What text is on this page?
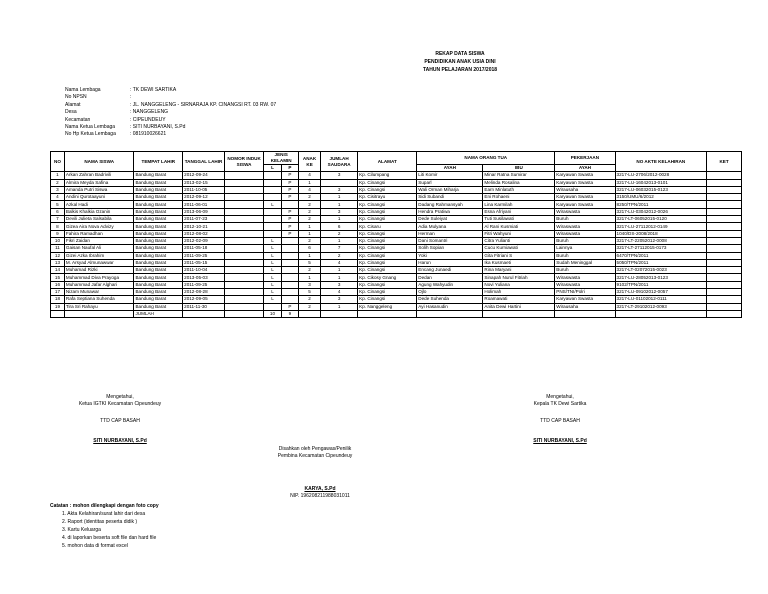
REKAP DATA SISWA
PENDIDIKAN ANAK USIA DINI
TAHUN PELAJARAN 2017/2018
Nama Lembaga	: TK DEWI SARTIKA
No NPSN	:
Alamat	: JL. NANGGELENG - SIRNARAJA KP. CINANGSI RT. 03 RW. 07
Desa	: NANGGELENG
Kecamatan	: CIPEUNDEUY
Nama Ketua Lembaga	: SITI NURBAYANI, S.Pd
No Hp Ketua Lembaga	: 081910026621
NO	NAMA SISWA	TEMPAT LAHIR	TANGGAL LAHIR	NOMOR INDUK SISWA	JENIS KELAMIN		ANAK KE	JUMLAH SAUDARA	ALAMAT	NAMA ORANG TUA		PEKERJAAN	NO AKTE KELAHIRAN	KET
					L	P				AYAH	IBU	AYAH		
1	Arkan Zahran Badrivili	Bandung Barat	2012-09-24			P	4	3	Kp. Cilumpang	Liti Komir	Minar Ratna Sumirar	Karyawan Swasta	3217-LU-2706/2012-0028	
2	Almira Meyda Safina	Bandung Barat	2013-02-15			P	1		Kp. Cinangsi	Suparl	Melinda Rosalina	Karyawan Swasta	3217-LU-16042013-0101	
3	Amanda Putri Siswa	Bandung Barat	2011-10-05			P	4	3	Kp. Cinangsi	Wali Orman Miharja	Earn Minlatuth	Wirausaha	3217-LU-06032015-0123	
4	Andini Qurotaayuni	Bandung Barat	2012-09-12			P	2	1	Kp. Cisitrayu	Sidi Subandi	Eni Rohaeni	Karyawan Swasta	3150/UMU/6/2012	
5	Azkal Hadi	Bandung Barat	2011-06-01		L		2	1	Kp. Cinangsi	Dadang Rahmansyah	Lina Karmilah	Karyawan Swasta	8250/TPN/2011	
6	Balkis Khalkia Ozanin	Bandung Barat	2013-06-09			P	2	3	Kp. Cinangsi	Hendra Pratiwa	Esna Afriyani	Wiraswasta	3217-LU-03042012-0026	
7	Devili Julieta Salsabila	Bandung Barat	2011-07-23			P	2	1	Kp. Cinangsi	Dede Suleiyat	Tuti Susilawati	Buruh	3217-LT-06052015-0120	
8	Gizea Aira Nova Advizy	Bandung Barat	2012-10-21			P	1	6	Kp. Cisaru	Adia Mulyana	Al Rani Kusmiati	Wiraswasta	3217-LU-27112012-0149	
9	Fahira Ramadhan	Bandung Barat	2012-08-02			P	1	2	Kp. Cinangsi	Herman	Fitri Wahyuni	Wiraswasta	1040/DS-2008/2018	
10	Fikri Zaidan	Bandung Barat	2012-02-09		L		2	1	Kp. Cinangsi	Dani Somantri	Citra Yulianti	Buruh	3217-LT-22052012-0008	
11	Gaisan Naufal Ali	Bandung Barat	2011-05-18		L		6	7	Kp. Cinangsi	Solih Sopian	Cucu Kurniawati	Lainnya	3217-LT-27112015-0173	
12	Gizei Azka Ibrahim	Bandung Barat	2011-09-25		L		1	2	Kp. Cinangsi	Yoki	Gita Fitriani S	Buruh	6470/TPN/2011	
13	M. Arsyad Almunawwar	Bandung Barat	2011-05-15		L		5	4	Kp. Cinangsi	Harun	Ika Kusmaeti	Sudah Meninggal	5050/TPN/2011	
14	Muhamad Rizki	Bandung Barat	2011-10-04		L		2	1	Kp. Cinangsi	Encang Junaedi	Rina Maryani	Buruh	3217-LT-02072015-0023	
15	Muhammad Diva Prayoga	Bandung Barat	2013-05-03		L		1	1	Kp. Cikosy Gnang	Dedan	Sinapah Nurul Fitriah	Wiraswasta	3217-LU-28052013-0123	
16	Muhammad Jafar Alghari	Bandung Barat	2011-09-25		L		3	3	Kp. Cinangsi	Agung Wahyudin	Novi Yuliana	Wiraswasta	9102/TPN/2011	
17	Nizam Munawar	Bandung Barat	2012-08-28		L		5	4	Kp. Cinangsi	Ojlo	Holimah	PNS/TNI/Polri	3217-LU-09102012-0057	
18	Rafa Septiana Suhenda	Bandung Barat	2012-09-05		L		2	3	Kp. Cinangsi	Dede Suhenda	Roamawati	Karyawan Swasta	3217-LU-01102012-0111	
19	Tira Sri Rahayu	Bandung Barat	2011-11-30			P	2	1	Kp. Nanggeleng	Ayi Hasanudin	Anita Dewi Hartini	Wirausaha	3217-LT-29102012-0093	
		JUMLAH			10	9								
Mengetahui,
Ketua IGTKI Kecamatan Cipeundeuy
TTD CAP BASAH
SITI NURBAYANI, S.Pd
Mengetahui,
Kepala TK Dewi Sartika
TTD CAP BASAH
SITI NURBAYANI, S.Pd
Disahkan oleh Pengawas/Penilik
Pembina Kecamatan Cipeundeuy
KARYA, S.Pd
NIP. 196208211988031011
Catatan : mohon dilengkapi dengan foto copy
1. Akta Kelahiran/surat lahir dari desa
2. Raport (identitas peserta didik )
3. Kartu Keluarga
4. di laporkan beserta soft file dan hard file
5. mohon data di format excel
